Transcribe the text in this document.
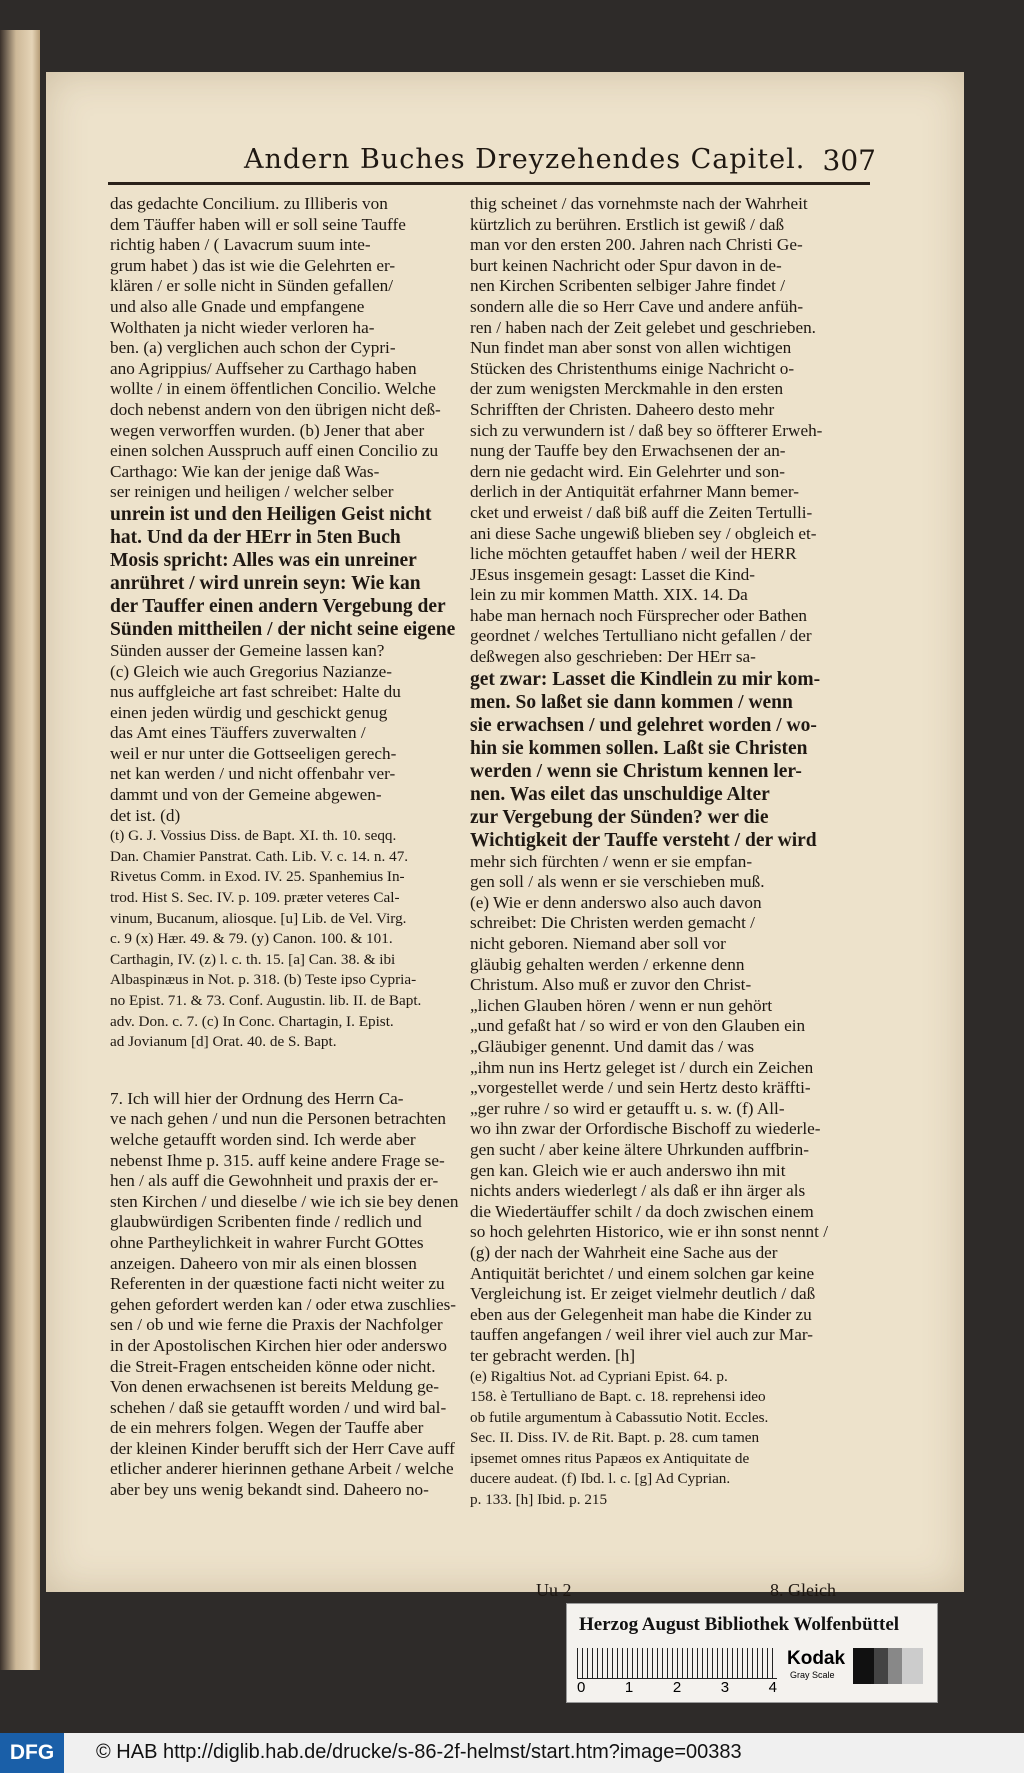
Andern Buches Dreyzehendes Capitel. 307
das gedachte Concilium. zu Illiberis von
dem Täuffer haben will er soll seine Tauffe
richtig haben / ( Lavacrum suum inte-
grum habet ) das ist wie die Gelehrten er-
klären / er solle nicht in Sünden gefallen/
und also alle Gnade und empfangene
Wolthaten ja nicht wieder verloren ha-
ben. (a) verglichen auch schon der Cypri-
ano Agrippius/ Auffseher zu Carthago haben
wollte / in einem öffentlichen Concilio. Welche
doch nebenst andern von den übrigen nicht deß-
wegen verworffen wurden. (b) Jener that aber
einen solchen Ausspruch auff einen Concilio zu
Carthago: Wie kan der jenige daß Was-
ser reinigen und heiligen / welcher selber
unrein ist und den Heiligen Geist nicht
hat. Und da der HErr in 5ten Buch
Mosis spricht: Alles was ein unreiner
anrühret / wird unrein seyn: Wie kan
der Tauffer einen andern Vergebung der
Sünden mittheilen / der nicht seine eigene
Sünden ausser der Gemeine lassen kan?
(c) Gleich wie auch Gregorius Nazianze-
nus auffgleiche art fast schreibet: Halte du
einen jeden würdig und geschickt genug
das Amt eines Täuffers zuverwalten /
weil er nur unter die Gottseeligen gerech-
net kan werden / und nicht offenbahr ver-
dammt und von der Gemeine abgewen-
det ist. (d)
(t) G. J. Vossius Diss. de Bapt. XI. th. 10. seqq.
Dan. Chamier Panstrat. Cath. Lib. V. c. 14. n. 47.
Rivetus Comm. in Exod. IV. 25. Spanhemius In-
trod. Hist S. Sec. IV. p. 109. præter veteres Cal-
vinum, Bucanum, aliosque. [u] Lib. de Vel. Virg.
c. 9 (x) Hær. 49. & 79. (y) Canon. 100. & 101.
Carthagin, IV. (z) l. c. th. 15. [a] Can. 38. & ibi
Albaspinæus in Not. p. 318. (b) Teste ipso Cypria-
no Epist. 71. & 73. Conf. Augustin. lib. II. de Bapt.
adv. Don. c. 7. (c) In Conc. Chartagin, I. Epist.
ad Jovianum [d] Orat. 40. de S. Bapt.
7. Ich will hier der Ordnung des Herrn Ca-
ve nach gehen / und nun die Personen betrachten
welche getaufft worden sind. Ich werde aber
nebenst Ihme p. 315. auff keine andere Frage se-
hen / als auff die Gewohnheit und praxis der er-
sten Kirchen / und dieselbe / wie ich sie bey denen
glaubwürdigen Scribenten finde / redlich und
ohne Partheylichkeit in wahrer Furcht GOttes
anzeigen. Daheero von mir als einen blossen
Referenten in der quæstione facti nicht weiter zu
gehen gefordert werden kan / oder etwa zuschlies-
sen / ob und wie ferne die Praxis der Nachfolger
in der Apostolischen Kirchen hier oder anderswo
die Streit-Fragen entscheiden könne oder nicht.
Von denen erwachsenen ist bereits Meldung ge-
schehen / daß sie getaufft worden / und wird bal-
de ein mehrers folgen. Wegen der Tauffe aber
der kleinen Kinder berufft sich der Herr Cave auff
etlicher anderer hierinnen gethane Arbeit / welche
aber bey uns wenig bekandt sind. Daheero no-
thig scheinet / das vornehmste nach der Wahrheit
kürtzlich zu berühren. Erstlich ist gewiß / daß
man vor den ersten 200. Jahren nach Christi Ge-
burt keinen Nachricht oder Spur davon in de-
nen Kirchen Scribenten selbiger Jahre findet /
sondern alle die so Herr Cave und andere anfüh-
ren / haben nach der Zeit gelebet und geschrieben.
Nun findet man aber sonst von allen wichtigen
Stücken des Christenthums einige Nachricht o-
der zum wenigsten Merckmahle in den ersten
Schrifften der Christen. Daheero desto mehr
sich zu verwundern ist / daß bey so öffterer Erweh-
nung der Tauffe bey den Erwachsenen der an-
dern nie gedacht wird. Ein Gelehrter und son-
derlich in der Antiquität erfahrner Mann bemer-
cket und erweist / daß biß auff die Zeiten Tertulli-
ani diese Sache ungewiß blieben sey / obgleich et-
liche möchten getauffet haben / weil der HERR
JEsus insgemein gesagt: Lasset die Kind-
lein zu mir kommen Matth. XIX. 14. Da
habe man hernach noch Fürsprecher oder Bathen
geordnet / welches Tertulliano nicht gefallen / der
deßwegen also geschrieben: Der HErr sa-
get zwar: Lasset die Kindlein zu mir kom-
men. So laßet sie dann kommen / wenn
sie erwachsen / und gelehret worden / wo-
hin sie kommen sollen. Laßt sie Christen
werden / wenn sie Christum kennen ler-
nen. Was eilet das unschuldige Alter
zur Vergebung der Sünden? wer die
Wichtigkeit der Tauffe versteht / der wird
mehr sich fürchten / wenn er sie empfan-
gen soll / als wenn er sie verschieben muß.
(e) Wie er denn anderswo also auch davon
schreibet: Die Christen werden gemacht /
nicht geboren. Niemand aber soll vor
gläubig gehalten werden / erkenne denn
Christum. Also muß er zuvor den Christ-
„ lichen Glauben hören / wenn er nun gehört
„ und gefaßt hat / so wird er von den Glauben ein
„ Gläubiger genennt. Und damit das / was
„ ihm nun ins Hertz geleget ist / durch ein Zeichen
„ vorgestellet werde / und sein Hertz desto kräffti-
„ ger ruhre / so wird er getaufft u. s. w. (f) All-
wo ihn zwar der Orfordische Bischoff zu wiederle-
gen sucht / aber keine ältere Uhrkunden auffbrin-
gen kan. Gleich wie er auch anderswo ihn mit
nichts anders wiederlegt / als daß er ihn ärger als
die Wiedertäuffer schilt / da doch zwischen einem
so hoch gelehrten Historico, wie er ihn sonst nennt /
(g) der nach der Wahrheit eine Sache aus der
Antiquität berichtet / und einem solchen gar keine
Vergleichung ist. Er zeiget vielmehr deutlich / daß
eben aus der Gelegenheit man habe die Kinder zu
tauffen angefangen / weil ihrer viel auch zur Mar-
ter gebracht werden. [h]
(e) Rigaltius Not. ad Cypriani Epist. 64. p.
158. è Tertulliano de Bapt. c. 18. reprehensi ideo
ob futile argumentum à Cabassutio Notit. Eccles.
Sec. II. Diss. IV. de Rit. Bapt. p. 28. cum tamen
ipsemet omnes ritus Papæos ex Antiquitate de
ducere audeat. (f) Ibd. l. c. [g] Ad Cyprian.
p. 133. [h] Ibid. p. 215
Uu 2	8. Gleich
Herzog August Bibliothek Wolfenbüttel
0	1	2	3	4
Kodak
Gray Scale
DFG	© HAB http://diglib.hab.de/drucke/s-86-2f-helmst/start.htm?image=00383
